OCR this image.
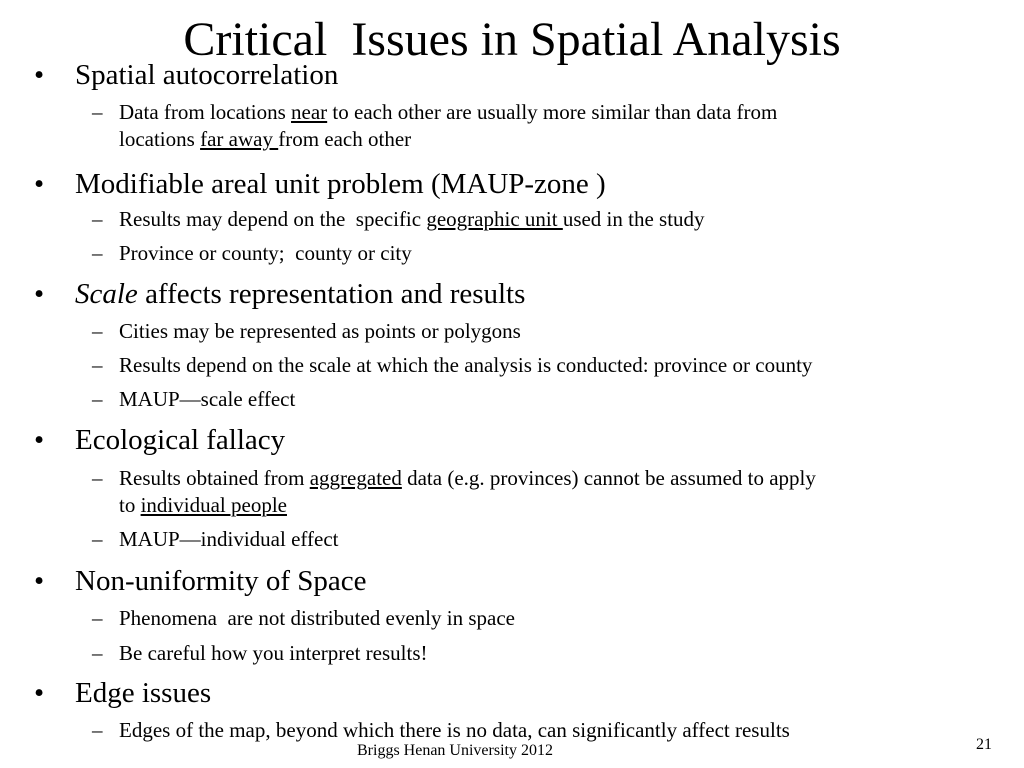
Critical  Issues in Spatial Analysis
• Spatial autocorrelation
– Data from locations near to each other are usually more similar than data from
locations far away from each other
• Modifiable areal unit problem (MAUP-zone )
– Results may depend on the  specific geographic unit used in the study
– Province or county;  county or city
• Scale affects representation and results
– Cities may be represented as points or polygons
– Results depend on the scale at which the analysis is conducted: province or county
– MAUP—scale effect
• Ecological fallacy
– Results obtained from aggregated data (e.g. provinces) cannot be assumed to apply
to individual people
– MAUP—individual effect
• Non-uniformity of Space
– Phenomena  are not distributed evenly in space
– Be careful how you interpret results!
• Edge issues
– Edges of the map, beyond which there is no data, can significantly affect results
Briggs Henan University 2012	21
